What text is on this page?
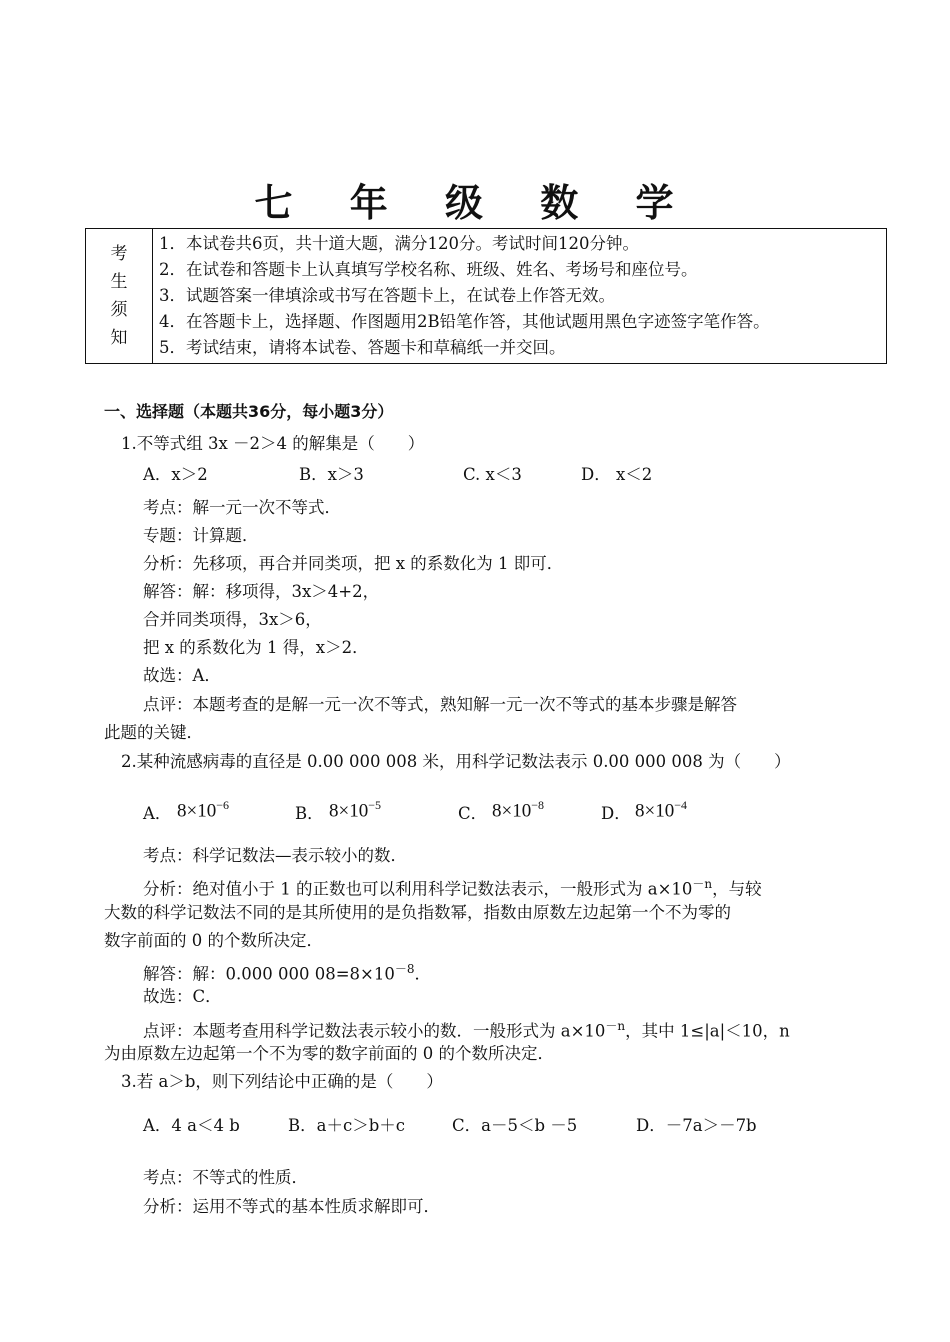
七 年 级 数 学
考
生
须
知

1．本试卷共6页，共十道大题，满分120分。考试时间120分钟。
2．在试卷和答题卡上认真填写学校名称、班级、姓名、考场号和座位号。
3．试题答案一律填涂或书写在答题卡上，在试卷上作答无效。
4．在答题卡上，选择题、作图题用2B铅笔作答，其他试题用黑色字迹签字笔作答。
5．考试结束，请将本试卷、答题卡和草稿纸一并交回。
一、选择题（本题共36分，每小题3分）
1.不等式组 3x －2＞4 的解集是（　　）
A．x＞2	B．x＞3	C. x＜3	D． x＜2
考点：解一元一次不等式．
专题：计算题．
分析：先移项，再合并同类项，把 x 的系数化为 1 即可．
解答：解：移项得，3x＞4+2，
合并同类项得，3x＞6，
把 x 的系数化为 1 得，x＞2．
故选：A．
点评：本题考查的是解一元一次不等式，熟知解一元一次不等式的基本步骤是解答
此题的关键．
2.某种流感病毒的直径是 0.00 000 008 米，用科学记数法表示 0.00 000 008 为（　　）
A． $8\times 10^{-6}$	B． $8\times 10^{-5}$	C． $8\times 10^{-8}$	D． $8\times 10^{-4}$
考点：科学记数法—表示较小的数．
分析：绝对值小于 1 的正数也可以利用科学记数法表示，一般形式为 $a\times 10^{-n}$，与较
大数的科学记数法不同的是其所使用的是负指数幂，指数由原数左边起第一个不为零的
数字前面的 0 的个数所决定．
解答：解：0.000 000 $08=8\times 10^{-8}$．
故选：C．
点评：本题考查用科学记数法表示较小的数．一般形式为 $a\times 10^{-n}$，其中 1≤|a|＜10，n
为由原数左边起第一个不为零的数字前面的 0 的个数所决定．
3.若 a＞b，则下列结论中正确的是（　　）
A．4 a＜4 b	B．a＋c＞b＋c	C．a－5＜b －5	D．－7a＞－7b
考点：不等式的性质．
分析：运用不等式的基本性质求解即可．
